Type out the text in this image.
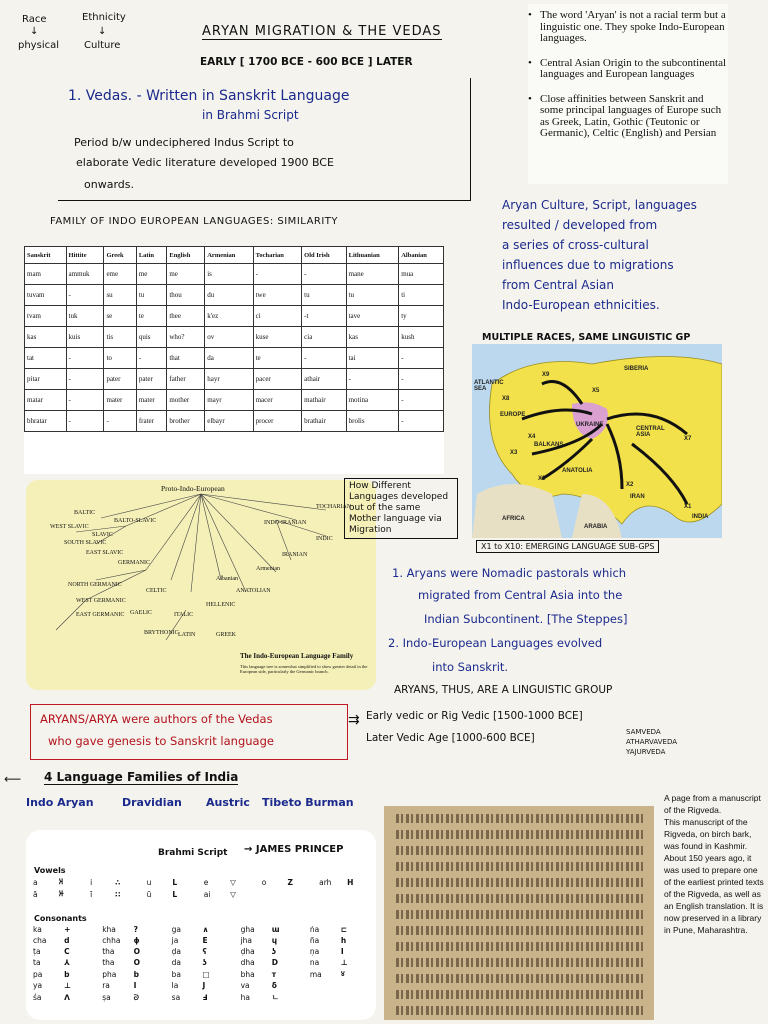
Race
↓
physical
Ethnicity
↓
Culture
ARYAN MIGRATION & THE VEDAS
EARLY [ 1700 BCE - 600 BCE ] LATER
1. Vedas. - Written in Sanskrit Language
in Brahmi Script
Period b/w undeciphered Indus Script to
elaborate Vedic literature developed 1900 BCE
onwards.
• The word 'Aryan' is not a racial term but a linguistic one. They spoke Indo-European languages.
• Central Asian Origin to the subcontinental languages and European languages
• Close affinities between Sanskrit and some principal languages of Europe such as Greek, Latin, Gothic (Teutonic or Germanic), Celtic (English) and Persian
FAMILY OF INDO EUROPEAN LANGUAGES: SIMILARITY
Sanskrit	Hittite	Greek	Latin	English	Armenian	Tocharian	Old Irish	Lithuanian	Albanian
mam	ammuk	eme	me	me	is	-	-	mane	mua
tuvam	-	su	tu	thou	du	twe	tu	tu	ti
tvam	tuk	se	te	thee	k'ez	ci	-t	tave	ty
kas	kuis	tis	quis	who?	ov	kuse	cia	kas	kush
tat	-	to	-	that	da	te	-	tai	-
pitar	-	pater	pater	father	hayr	pacer	athair	-	-
matar	-	mater	mater	mother	mayr	macer	mathair	motina	-
bhratar	-	-	frater	brother	elbayr	procer	brathair	brolis	-
Aryan Culture, Script, languages
resulted / developed from
a series of cross-cultural
influences due to migrations
from Central Asian
Indo-European ethnicities.
MULTIPLE RACES, SAME LINGUISTIC GP
SIBERIA
ATLANTIC SEA
EUROPE
UKRAINE
CENTRAL ASIA
BALKANS
ANATOLIA
IRAN
AFRICA
ARABIA
INDIA
X9
X8
X3
X4
X6
X2
X5
X7
X1
X1 to X10: EMERGING LANGUAGE SUB-GPS
Proto-Indo-European
BALTIC
BALTO-SLAVIC
TOCHARIAN
WEST SLAVIC
SLAVIC
INDO-IRANIAN
SOUTH SLAVIC
INDIC
EAST SLAVIC
GERMANIC
IRANIAN
NORTH GERMANIC
CELTIC	ANATOLIAN
WEST GERMANIC
Albanian
Armenian
HELLENIC
EAST GERMANIC GAELIC	ITALIC
BRYTHONIC LATIN	GREEK
The Indo-European Language Family
This language tree is somewhat simplified to show greater detail in the European side, particularly the Germanic branch.
How Different Languages developed out of the same Mother language via Migration
1. Aryans were Nomadic pastorals which
migrated from Central Asia into the
Indian Subcontinent. [The Steppes]
2. Indo-European Languages evolved
into Sanskrit.
ARYANS, THUS, ARE A LINGUISTIC GROUP
ARYANS/ARYA were authors of the Vedas
who gave genesis to Sanskrit language
⇉ Early vedic or Rig Vedic [1500-1000 BCE]
Later Vedic Age [1000-600 BCE]	SAMVEDA
ATHARVAVEDA
YAJURVEDA
⟵ 4 Language Families of India
Indo Aryan	Dravidian Austric Tibeto Burman
Brahmi Script → JAMES PRINCEP
Vowels
a	𑀅	i	∴	u	L	e	▽	o	Z	arh	H
ā	𑀆	ī	∷	ū	L	ai	▽				
Consonants
ka	+	kha	?	ga	∧	gha	ɯ	ṅa	⊏
cha	d	chha	ɸ	ja	E	jha	ɥ	ña	h
ṭa	C	tha	O	ḍa	ʕ	ḍha	ʖ	ṇa	I
ta	⅄	tha	O	da	ʖ	dha	D	na	⊥
pa	b	pha	b	ba	□	bha	ᴛ	ma	४
ya	⊥	ra	I	la	J	va	δ		
śa	ᐱ	ṣa	ᘐ	sa	Ⅎ	ha	ㄴ		
A page from a manuscript of the Rigveda.
This manuscript of the Rigveda, on birch bark, was found in Kashmir. About 150 years ago, it was used to prepare one of the earliest printed texts of the Rigveda, as well as an English translation. It is now preserved in a library in Pune, Maharashtra.
